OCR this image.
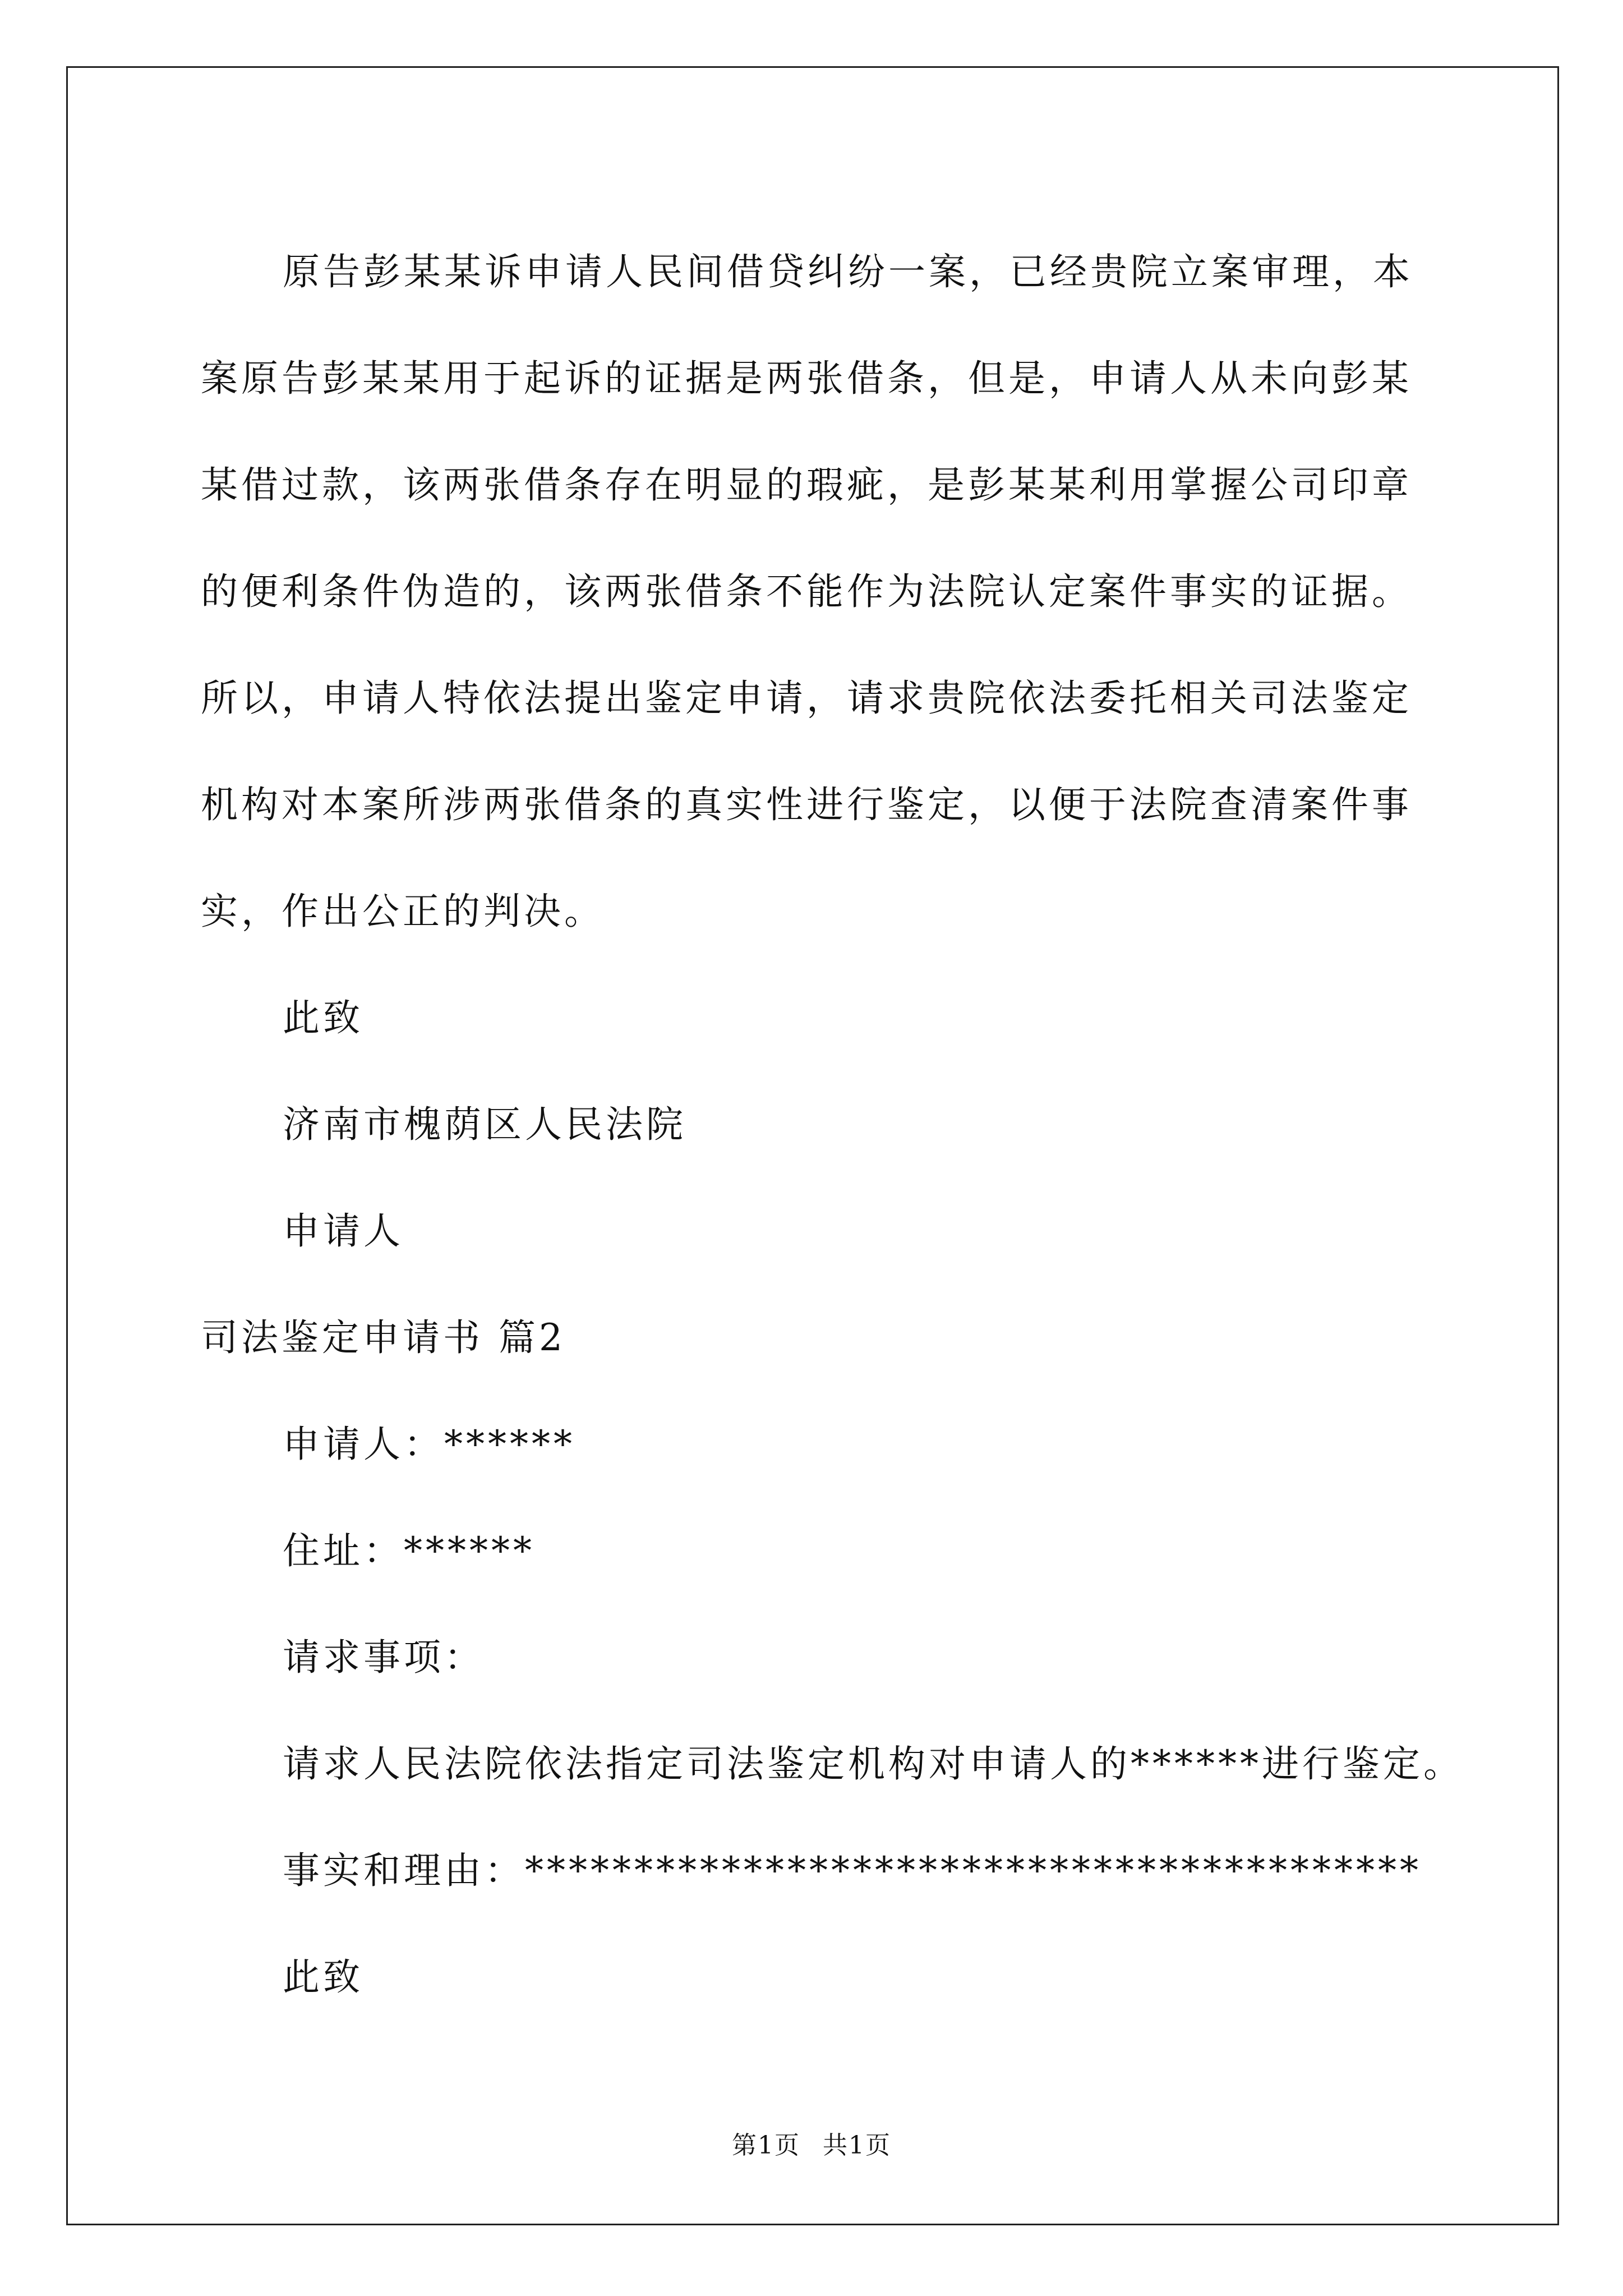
原告彭某某诉申请人民间借贷纠纷一案，已经贵院立案审理，本
案原告彭某某用于起诉的证据是两张借条，但是，申请人从未向彭某
某借过款，该两张借条存在明显的瑕疵，是彭某某利用掌握公司印章
的便利条件伪造的，该两张借条不能作为法院认定案件事实的证据。
所以，申请人特依法提出鉴定申请，请求贵院依法委托相关司法鉴定
机构对本案所涉两张借条的真实性进行鉴定，以便于法院查清案件事
实，作出公正的判决。
此致
济南市槐荫区人民法院
申请人
司法鉴定申请书 篇2
申请人：******
住址：******
请求事项：
请求人民法院依法指定司法鉴定机构对申请人的******进行鉴定。
事实和理由：*****************************************
此致
第1页 共1页
